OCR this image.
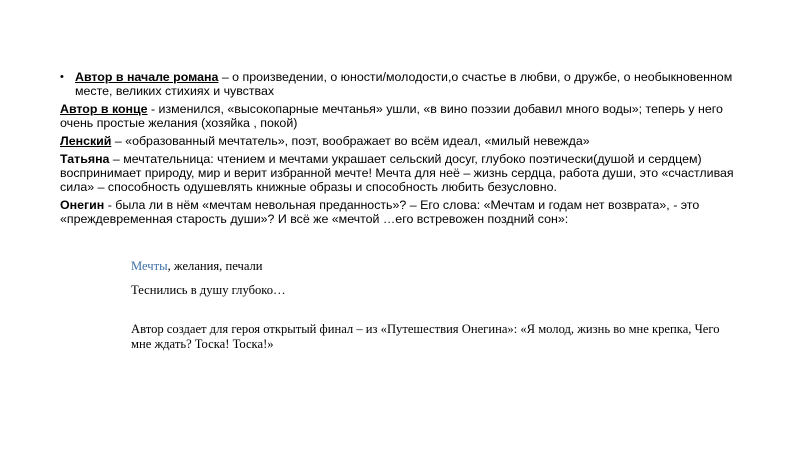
• Автор в начале романа – о произведении, о юности/молодости,о счастье в любви, о дружбе, о необыкновенном месте, великих стихиях и чувствах

Автор в конце - изменился, «высокопарные мечтанья» ушли, «в вино поэзии добавил много воды»; теперь у него очень простые желания (хозяйка , покой)

Ленский – «образованный мечтатель», поэт, воображает во всём идеал, «милый невежда»

Татьяна – мечтательница: чтением и мечтами украшает сельский досуг, глубоко поэтически(душой и сердцем) воспринимает природу, мир и верит избранной мечте! Мечта для неё – жизнь сердца, работа души, это «счастливая сила» – способность одушевлять книжные образы и способность любить безусловно.

Онегин - была ли в нём «мечтам невольная преданность»? – Его слова: «Мечтам и годам нет возврата», - это «преждевременная старость души»? И всё же «мечтой …его встревожен поздний сон»:

Мечты, желания, печали
Теснились в душу глубоко…
Автор создает для героя открытый финал – из «Путешествия Онегина»: «Я молод, жизнь во мне крепка, Чего мне ждать? Тоска! Тоска!»
